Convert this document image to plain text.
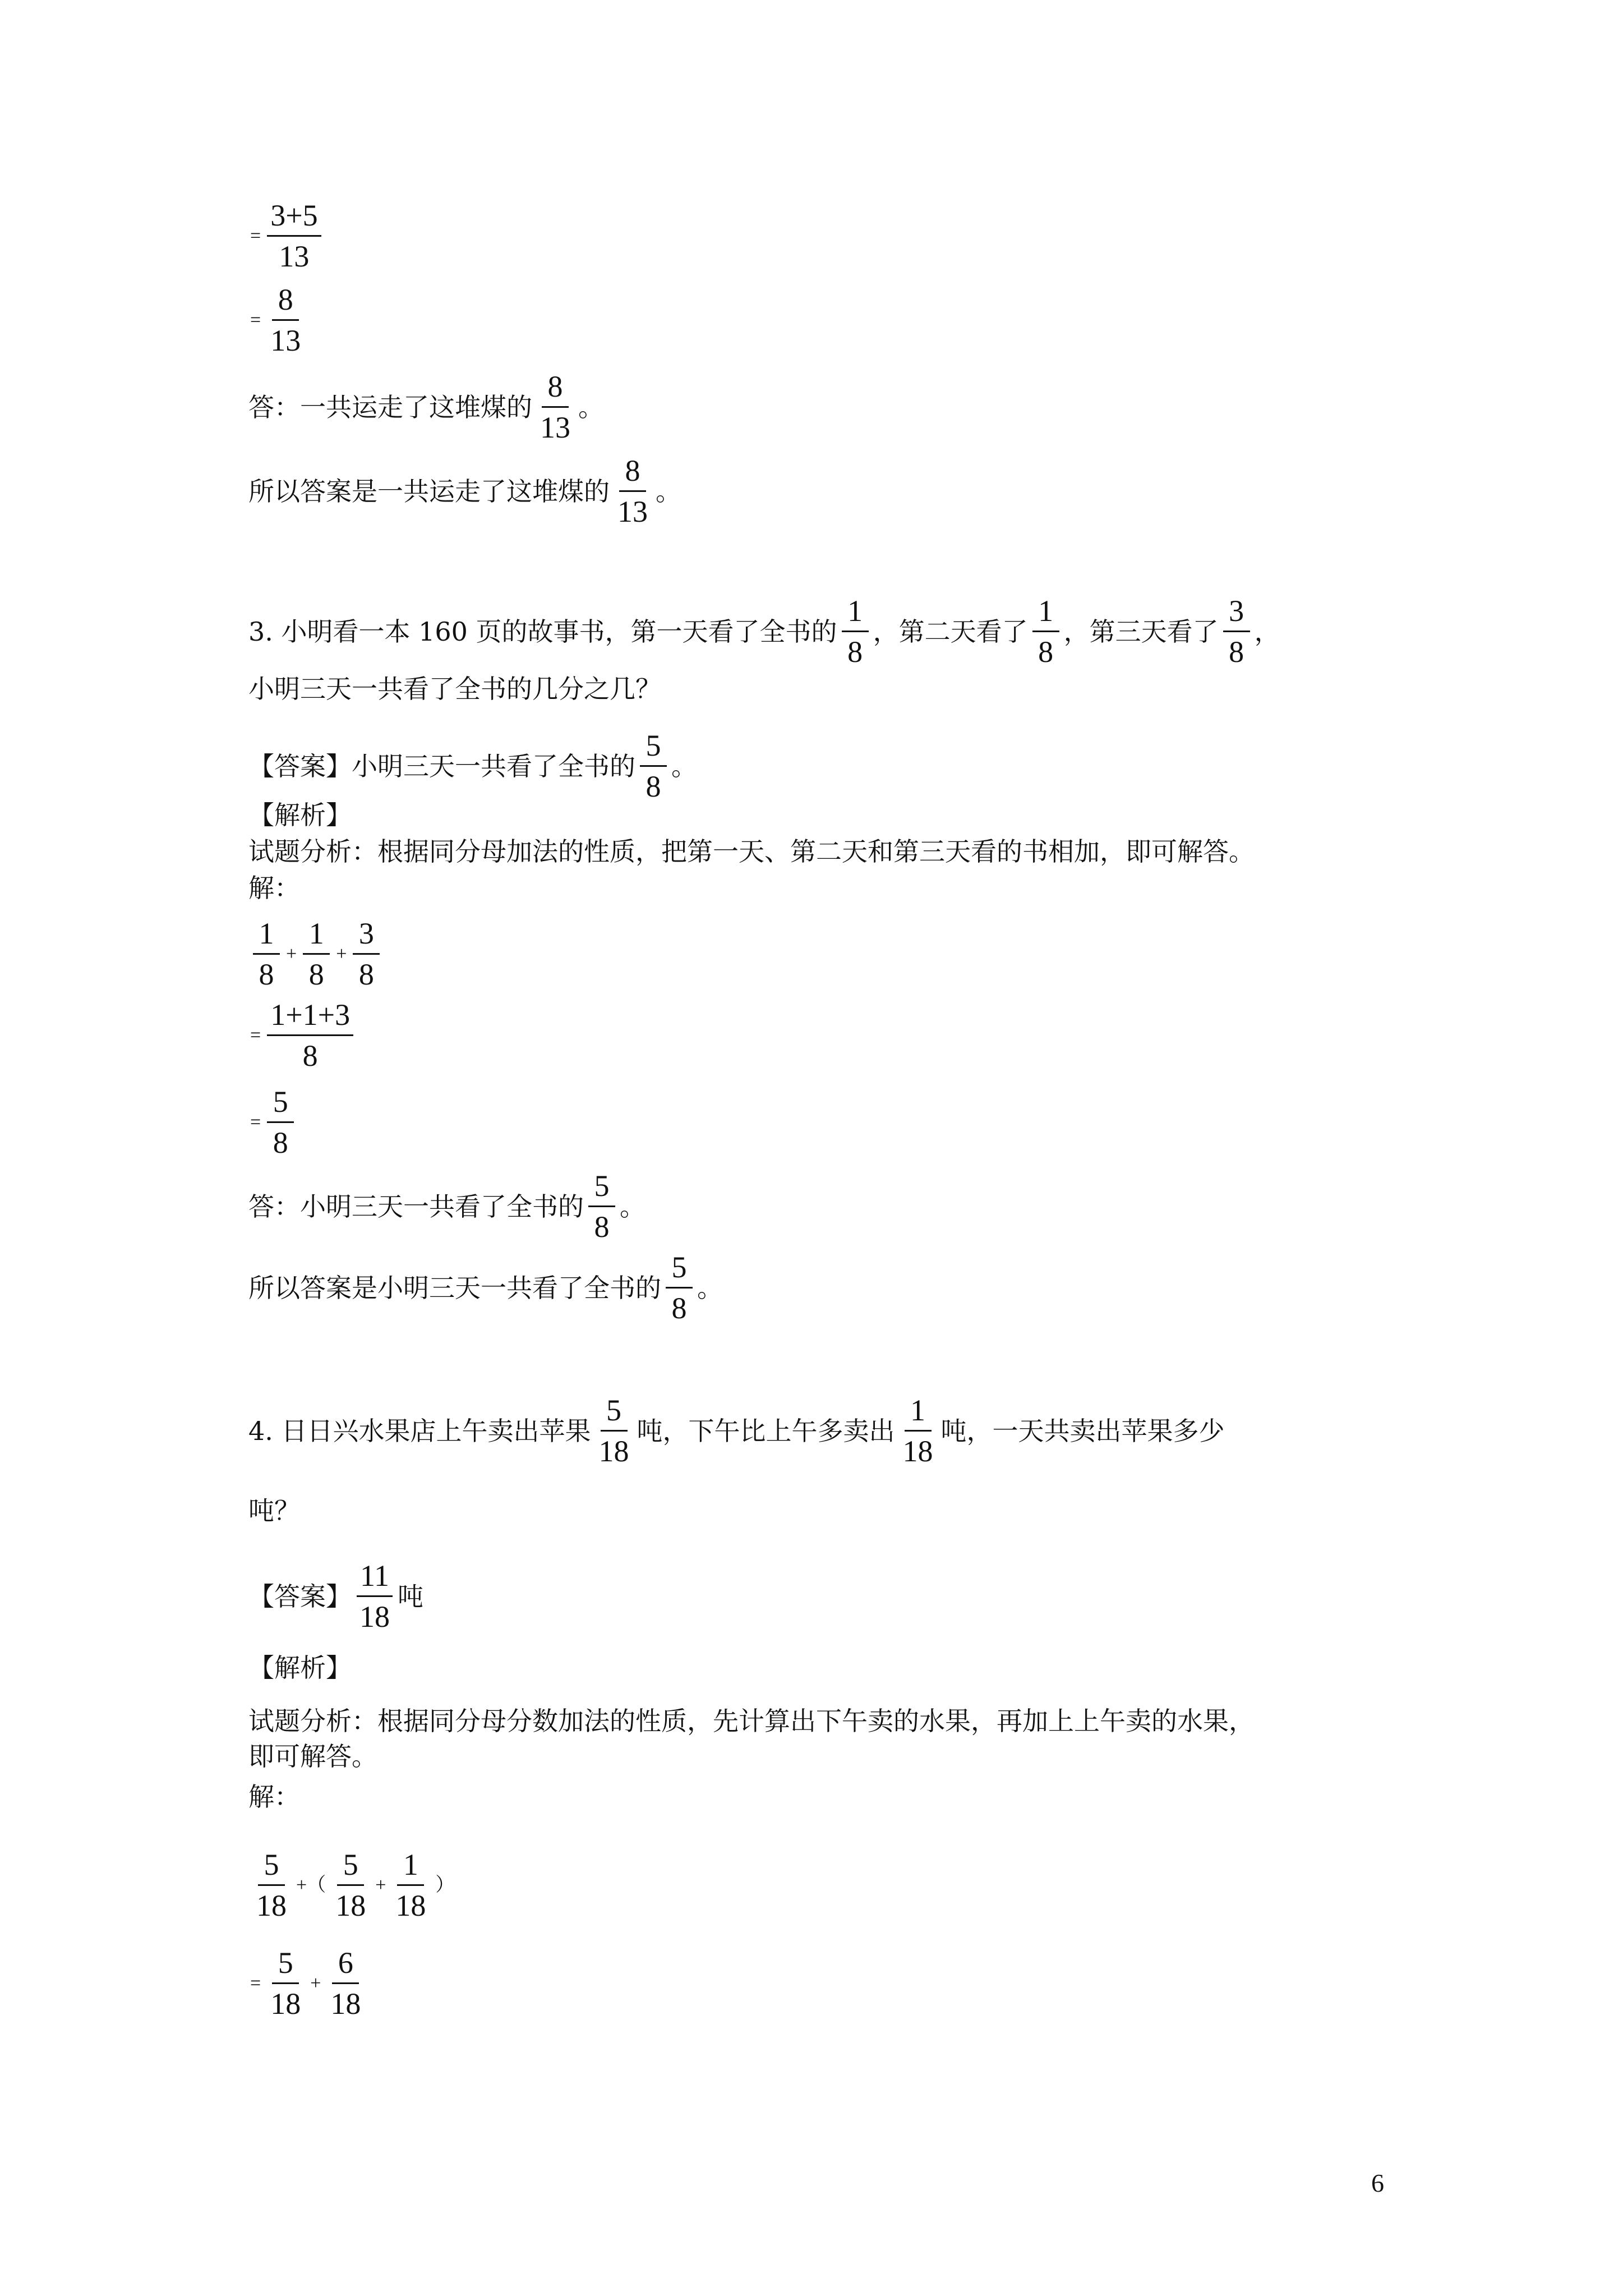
= $\frac{3+5}{13}$
= $\frac{8}{13}$
答：一共运走了这堆煤的 $\frac{8}{13}$ 。
所以答案是一共运走了这堆煤的 $\frac{8}{13}$ 。
3. 小明看一本 160 页的故事书，第一天看了全书的 $\frac{1}{8}$ ，第二天看了 $\frac{1}{8}$ ，第三天看了 $\frac{3}{8}$ ，
小明三天一共看了全书的几分之几？
【答案】小明三天一共看了全书的 $\frac{5}{8}$ 。
【解析】
试题分析：根据同分母加法的性质，把第一天、第二天和第三天看的书相加，即可解答。
解：
$\frac{1}{8} + \frac{1}{8} + \frac{3}{8}$
= $\frac{1+1+3}{8}$
= $\frac{5}{8}$
答：小明三天一共看了全书的 $\frac{5}{8}$ 。
所以答案是小明三天一共看了全书的 $\frac{5}{8}$ 。
4. 日日兴水果店上午卖出苹果 $\frac{5}{18}$ 吨，下午比上午多卖出 $\frac{1}{18}$ 吨，一天共卖出苹果多少
吨？
【答案】 $\frac{11}{18}$ 吨
【解析】
试题分析：根据同分母分数加法的性质，先计算出下午卖的水果，再加上上午卖的水果，
即可解答。
解：
$\frac{5}{18}$ +（ $\frac{5}{18} + \frac{1}{18}$ ）
= $\frac{5}{18} + \frac{6}{18}$
6
